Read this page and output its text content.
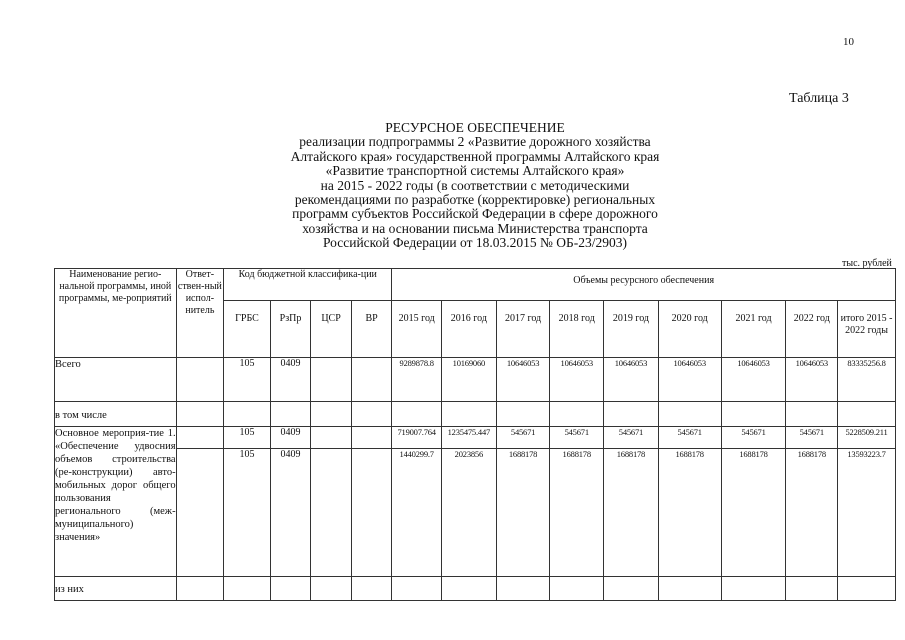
10
Таблица 3
РЕСУРСНОЕ ОБЕСПЕЧЕНИЕ
реализации подпрограммы 2 «Развитие дорожного хозяйства
Алтайского края» государственной программы Алтайского края
«Развитие транспортной системы Алтайского края»
на 2015 - 2022 годы (в соответствии с методическими
рекомендациями по разработке (корректировке) региональных
программ субъектов Российской Федерации в сфере дорожного
хозяйства и на основании письма Министерства транспорта
Российской Федерации от 18.03.2015 № ОБ-23/2903)
тыс. рублей
Наименование регио-нальной программы, иной программы, ме-роприятий	Ответ-ствен-ный испол-нитель	Код бюджетной классифика-ции				Объемы ресурсного обеспечения								
		ГРБС	РзПр	ЦСР	ВР	2015 год	2016 год	2017 год	2018 год	2019 год	2020 год	2021 год	2022 год	итого 2015 - 2022 годы
Всего		105	0409			9289878.8	10169060	10646053	10646053	10646053	10646053	10646053	10646053	83335256.8
в том числе														
Основное мероприя-тие 1. «Обеспечение удвосния объемов строительства (ре-конструкции) авто-мобильных дорог общего пользования регионального (меж-муниципального) значения»		105	0409			719007.764	1235475.447	545671	545671	545671	545671	545671	545671	5228509.211
		105	0409			1440299.7	2023856	1688178	1688178	1688178	1688178	1688178	1688178	13593223.7
из них														
